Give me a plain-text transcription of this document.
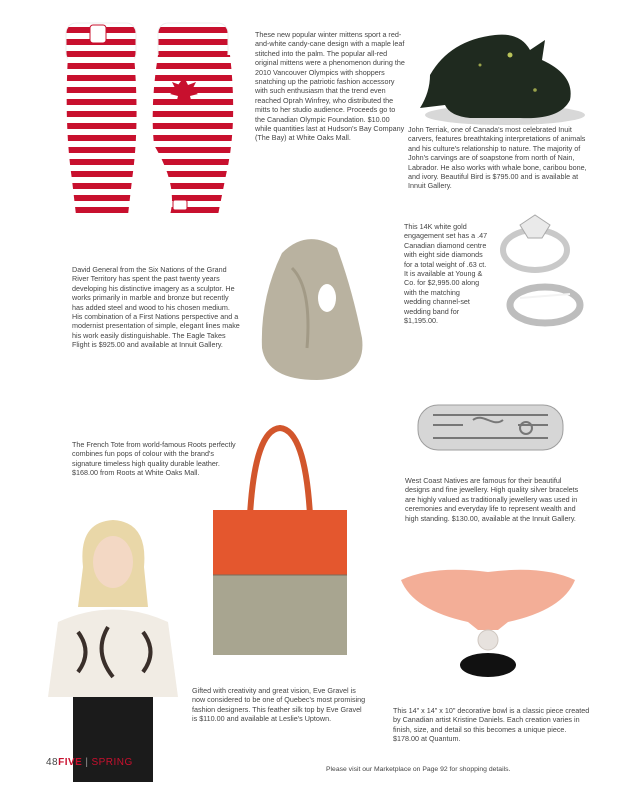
These new popular winter mittens sport a red-and-white candy-cane design with a maple leaf stitched into the palm. The popular all-red original mittens were a phenomenon during the 2010 Vancouver Olympics with shoppers snatching up the patriotic fashion accessory with such enthusiasm that the trend even reached Oprah Winfrey, who distributed the mitts to her studio audience. Proceeds go to the Canadian Olympic Foundation. $10.00 while quantities last at Hudson's Bay Company (The Bay) at White Oaks Mall.

John Terriak, one of Canada's most celebrated Inuit carvers, features breathtaking interpretations of animals and his culture's relationship to nature. The majority of John's carvings are of soapstone from north of Nain, Labrador. He also works with whale bone, caribou bone, and ivory. Beautiful Bird is $795.00 and is available at Innuit Gallery.

This 14K white gold engagement set has a .47 Canadian diamond centre with eight side diamonds for a total weight of .63 ct. It is available at Young & Co. for $2,995.00 along with the matching wedding channel-set wedding band for $1,195.00.

David General from the Six Nations of the Grand River Territory has spent the past twenty years developing his distinctive imagery as a sculptor. He works primarily in marble and bronze but recently has added steel and wood to his chosen medium. His combination of a First Nations perspective and a modernist presentation of simple, elegant lines make his work easily distinguishable. The Eagle Takes Flight is $925.00 and available at Innuit Gallery.

West Coast Natives are famous for their beautiful designs and fine jewellery. High quality silver bracelets are highly valued as traditionally jewellery was used in ceremonies and everyday life to represent wealth and high standing. $130.00, available at the Innuit Gallery.

The French Tote from world-famous Roots perfectly combines fun pops of colour with the brand's signature timeless high quality durable leather. $168.00 from Roots at White Oaks Mall.

Gifted with creativity and great vision, Eve Gravel is now considered to be one of Quebec's most promising fashion designers. This feather silk top by Eve Gravel is $110.00 and available at Leslie's Uptown.

This 14" x 14" x 10" decorative bowl is a classic piece created by Canadian artist Kristine Daniels. Each creation varies in finish, size, and detail so this becomes a unique piece. $178.00 at Quantum.

48FIVE | SPRING
Please visit our Marketplace on Page 92 for shopping details.
